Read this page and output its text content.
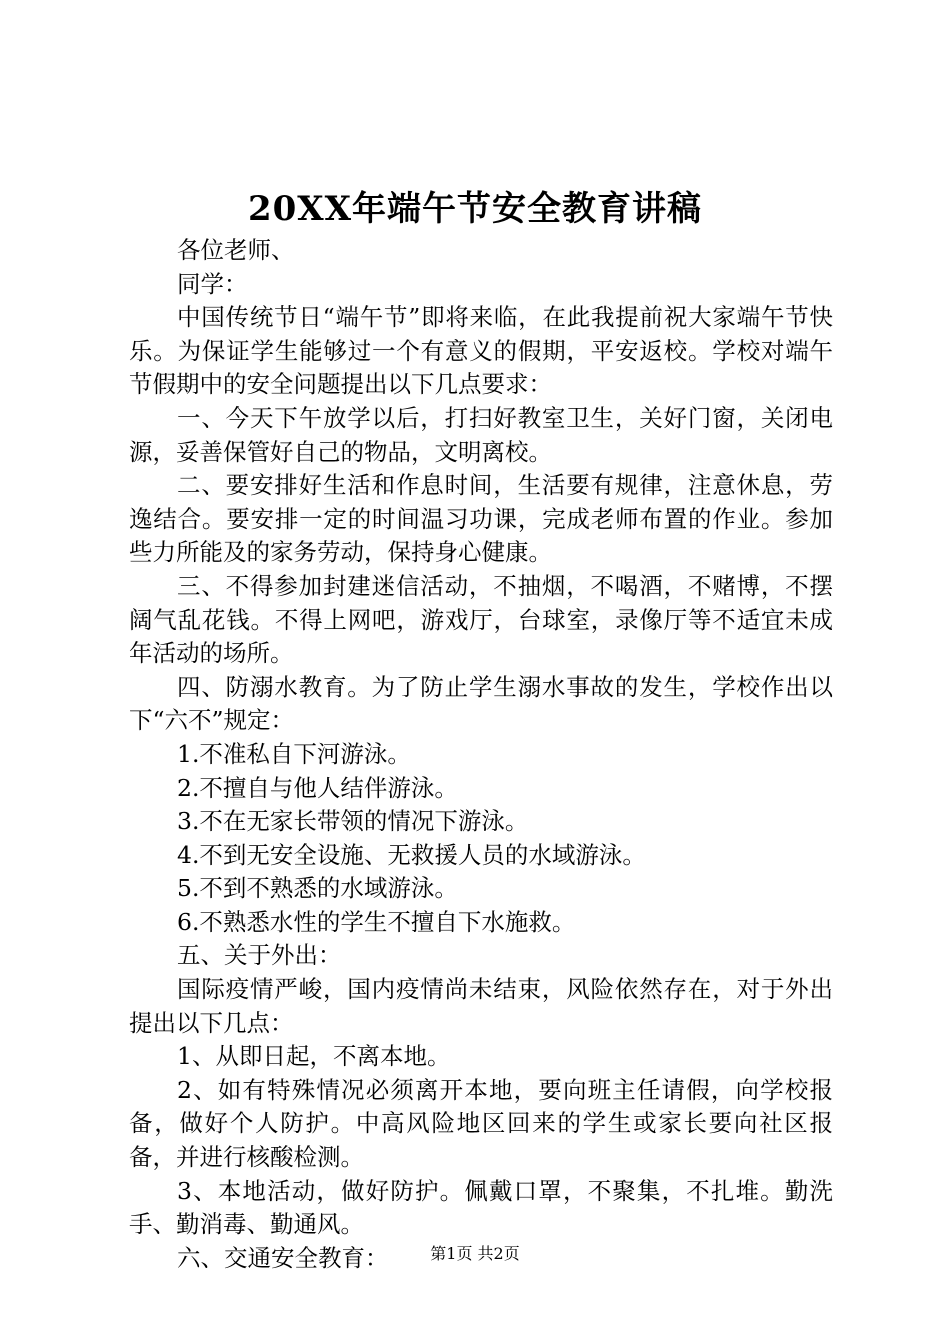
20XX年端午节安全教育讲稿

各位老师、

同学：

中国传统节日“端午节”即将来临，在此我提前祝大家端午节快乐。为保证学生能够过一个有意义的假期，平安返校。学校对端午节假期中的安全问题提出以下几点要求：

一、今天下午放学以后，打扫好教室卫生，关好门窗，关闭电源，妥善保管好自己的物品，文明离校。

二、要安排好生活和作息时间，生活要有规律，注意休息，劳逸结合。要安排一定的时间温习功课，完成老师布置的作业。参加些力所能及的家务劳动，保持身心健康。

三、不得参加封建迷信活动，不抽烟，不喝酒，不赌博，不摆阔气乱花钱。不得上网吧，游戏厅，台球室，录像厅等不适宜未成年活动的场所。

四、防溺水教育。为了防止学生溺水事故的发生，学校作出以下“六不”规定：

1.不准私自下河游泳。

2.不擅自与他人结伴游泳。

3.不在无家长带领的情况下游泳。

4.不到无安全设施、无救援人员的水域游泳。

5.不到不熟悉的水域游泳。

6.不熟悉水性的学生不擅自下水施救。

五、关于外出：

国际疫情严峻，国内疫情尚未结束，风险依然存在，对于外出提出以下几点：

1、从即日起，不离本地。

2、如有特殊情况必须离开本地，要向班主任请假，向学校报备，做好个人防护。中高风险地区回来的学生或家长要向社区报备，并进行核酸检测。

3、本地活动，做好防护。佩戴口罩，不聚集，不扎堆。勤洗手、勤消毒、勤通风。

六、交通安全教育：	第1页 共2页
